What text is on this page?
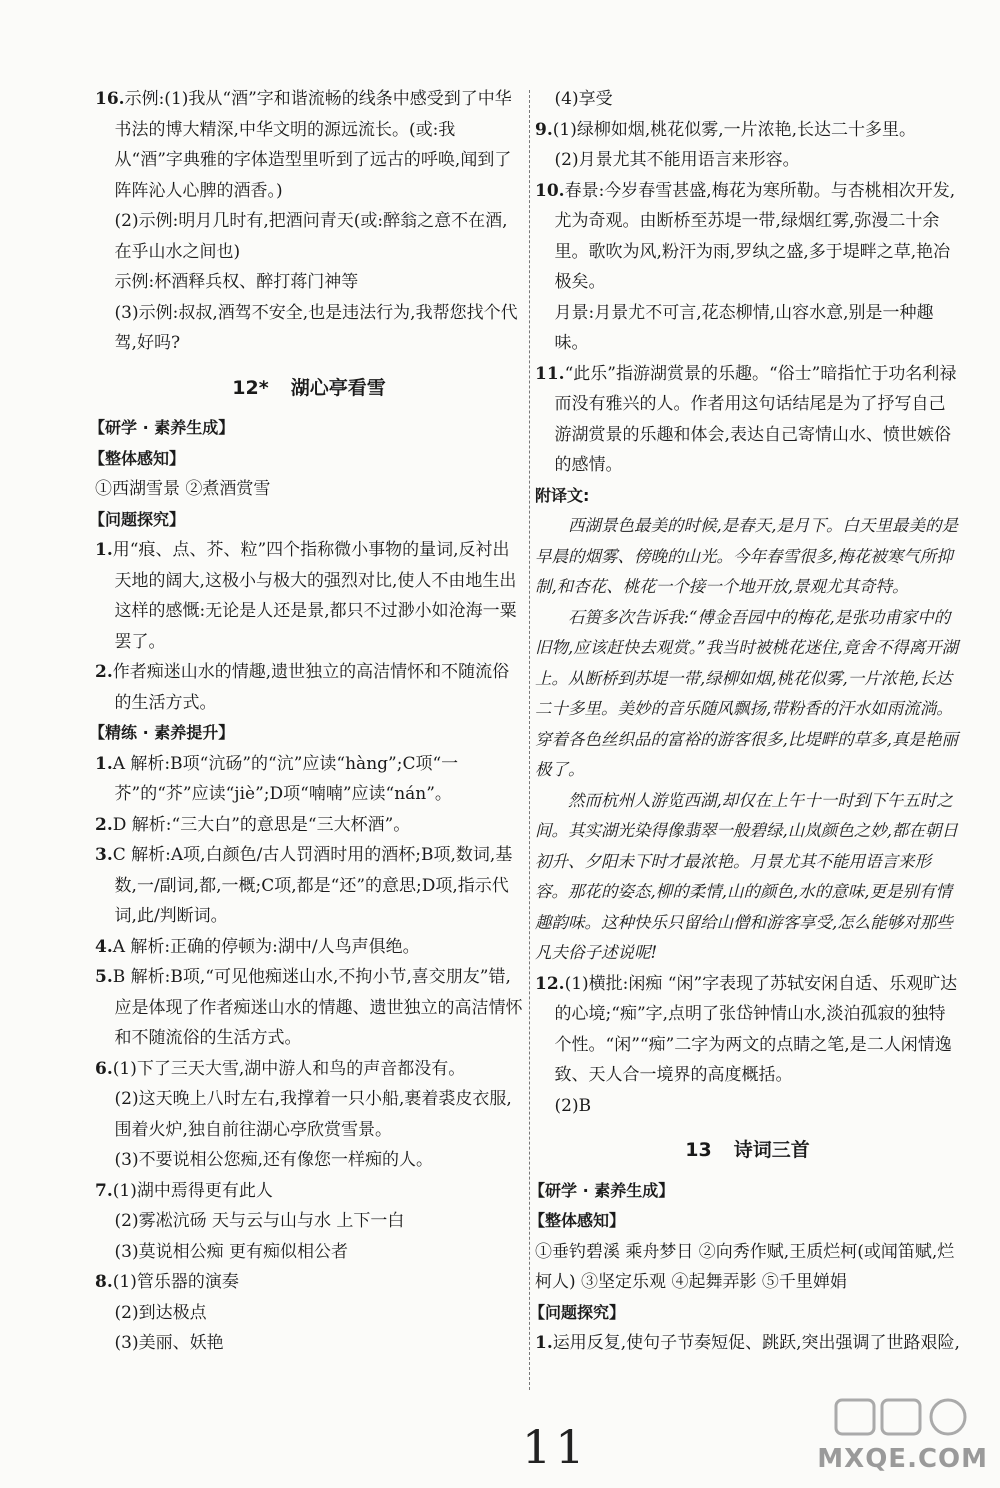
16.示例:(1)我从“酒”字和谐流畅的线条中感受到了中华书法的博大精深,中华文明的源远流长。(或:我从“酒”字典雅的字体造型里听到了远古的呼唤,闻到了阵阵沁人心脾的酒香。)
(2)示例:明月几时有,把酒问青天(或:醉翁之意不在酒,在乎山水之间也)
示例:杯酒释兵权、醉打蒋门神等
(3)示例:叔叔,酒驾不安全,也是违法行为,我帮您找个代驾,好吗?
12* 湖心亭看雪
【研学 · 素养生成】
【整体感知】
①西湖雪景 ②煮酒赏雪
【问题探究】
1.用“痕、点、芥、粒”四个指称微小事物的量词,反衬出天地的阔大,这极小与极大的强烈对比,使人不由地生出这样的感慨:无论是人还是景,都只不过渺小如沧海一粟罢了。
2.作者痴迷山水的情趣,遗世独立的高洁情怀和不随流俗的生活方式。
【精练 · 素养提升】
1.A 解析:B项“沆砀”的“沆”应读“hàng”;C项“一芥”的“芥”应读“jiè”;D项“喃喃”应读“nán”。
2.D 解析:“三大白”的意思是“三大杯酒”。
3.C 解析:A项,白颜色/古人罚酒时用的酒杯;B项,数词,基数,一/副词,都,一概;C项,都是“还”的意思;D项,指示代词,此/判断词。
4.A 解析:正确的停顿为:湖中/人鸟声俱绝。
5.B 解析:B项,“可见他痴迷山水,不拘小节,喜交朋友”错,应是体现了作者痴迷山水的情趣、遗世独立的高洁情怀和不随流俗的生活方式。
6.(1)下了三天大雪,湖中游人和鸟的声音都没有。
(2)这天晚上八时左右,我撑着一只小船,裹着裘皮衣服,围着火炉,独自前往湖心亭欣赏雪景。
(3)不要说相公您痴,还有像您一样痴的人。
7.(1)湖中焉得更有此人
(2)雾凇沆砀 天与云与山与水 上下一白
(3)莫说相公痴 更有痴似相公者
8.(1)管乐器的演奏
(2)到达极点
(3)美丽、妖艳
(4)享受
9.(1)绿柳如烟,桃花似雾,一片浓艳,长达二十多里。
(2)月景尤其不能用语言来形容。
10.春景:今岁春雪甚盛,梅花为寒所勒。与杏桃相次开发,尤为奇观。由断桥至苏堤一带,绿烟红雾,弥漫二十余里。歌吹为风,粉汗为雨,罗纨之盛,多于堤畔之草,艳冶极矣。
月景:月景尤不可言,花态柳情,山容水意,别是一种趣味。
11.“此乐”指游湖赏景的乐趣。“俗士”暗指忙于功名利禄而没有雅兴的人。作者用这句话结尾是为了抒写自己游湖赏景的乐趣和体会,表达自己寄情山水、愤世嫉俗的感情。
附译文:
西湖景色最美的时候,是春天,是月下。白天里最美的是早晨的烟雾、傍晚的山光。今年春雪很多,梅花被寒气所抑制,和杏花、桃花一个接一个地开放,景观尤其奇特。
石篑多次告诉我:“傅金吾园中的梅花,是张功甫家中的旧物,应该赶快去观赏。”我当时被桃花迷住,竟舍不得离开湖上。从断桥到苏堤一带,绿柳如烟,桃花似雾,一片浓艳,长达二十多里。美妙的音乐随风飘扬,带粉香的汗水如雨流淌。穿着各色丝织品的富裕的游客很多,比堤畔的草多,真是艳丽极了。
然而杭州人游览西湖,却仅在上午十一时到下午五时之间。其实湖光染得像翡翠一般碧绿,山岚颜色之妙,都在朝日初升、夕阳未下时才最浓艳。月景尤其不能用语言来形容。那花的姿态,柳的柔情,山的颜色,水的意味,更是别有情趣韵味。这种快乐只留给山僧和游客享受,怎么能够对那些凡夫俗子述说呢!
12.(1)横批:闲痴 “闲”字表现了苏轼安闲自适、乐观旷达的心境;“痴”字,点明了张岱钟情山水,淡泊孤寂的独特个性。“闲”“痴”二字为两文的点睛之笔,是二人闲情逸致、天人合一境界的高度概括。
(2)B
13 诗词三首
【研学 · 素养生成】
【整体感知】
①垂钓碧溪 乘舟梦日 ②向秀作赋,王质烂柯(或闻笛赋,烂柯人) ③坚定乐观 ④起舞弄影 ⑤千里婵娟
【问题探究】
1.运用反复,使句子节奏短促、跳跃,突出强调了世路艰险,
11	MXQE.COM
